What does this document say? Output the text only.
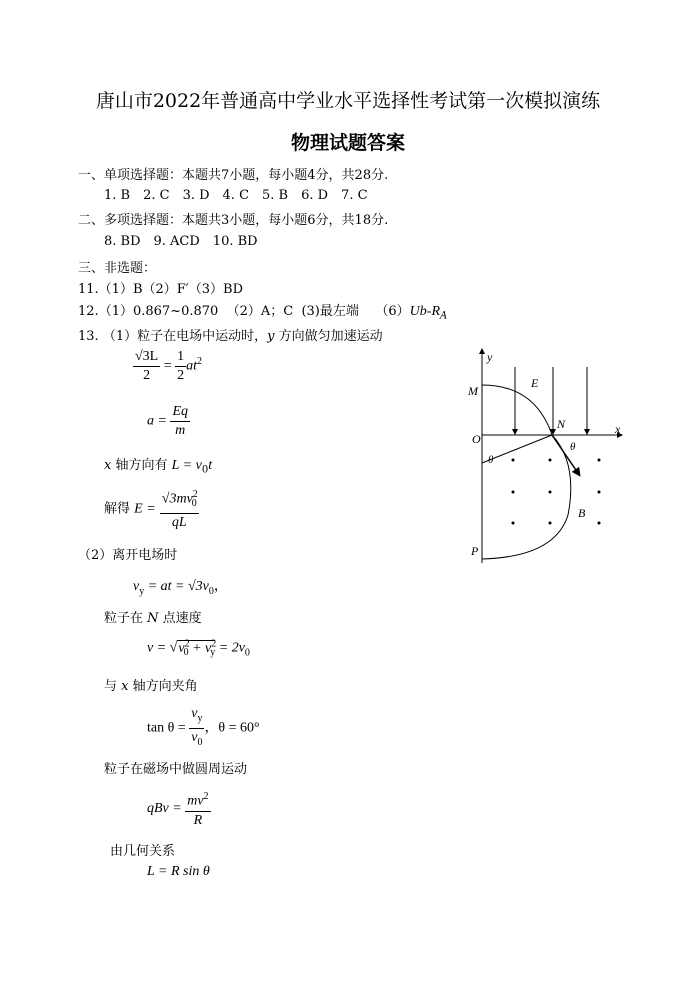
唐山市2022年普通高中学业水平选择性考试第一次模拟演练
物理试题答案
一、单项选择题：本题共7小题，每小题4分，共28分.
1. B　2. C　3. D　4. C　5. B　6. D　7. C
二、多项选择题：本题共3小题，每小题6分，共18分.
8. BD　9. ACD　10. BD
三、非选题：
11.（1）B（2）F′（3）BD
12.（1）0.867~0.870 （2）A；C (3)最左端 $(6)Ub-R_A$
13. （1）粒子在电场中运动时，y 方向做匀加速运动
$\frac{√3L}{2} = \frac{1}{2} at^2$
$a = \frac{Eq}{m}$
x 轴方向有 $L = v_0t$
解得 $E = \frac{√3mv^2_0}{qL}$
（2）离开电场时
$v_y$ = at = $√3v_0$，
粒子在 N 点速度
$v = √v^2_0 + v^2_y = 2v_0$
与 x 轴方向夹角
$\tan \theta = \frac{v_y}{v_0}$ ，θ = 60°
粒子在磁场中做圆周运动
qBv = $\frac{mv^2}{R}$
由几何关系
L = R sin θ
y
x
E
M
N
O
P
B
θ
θ
